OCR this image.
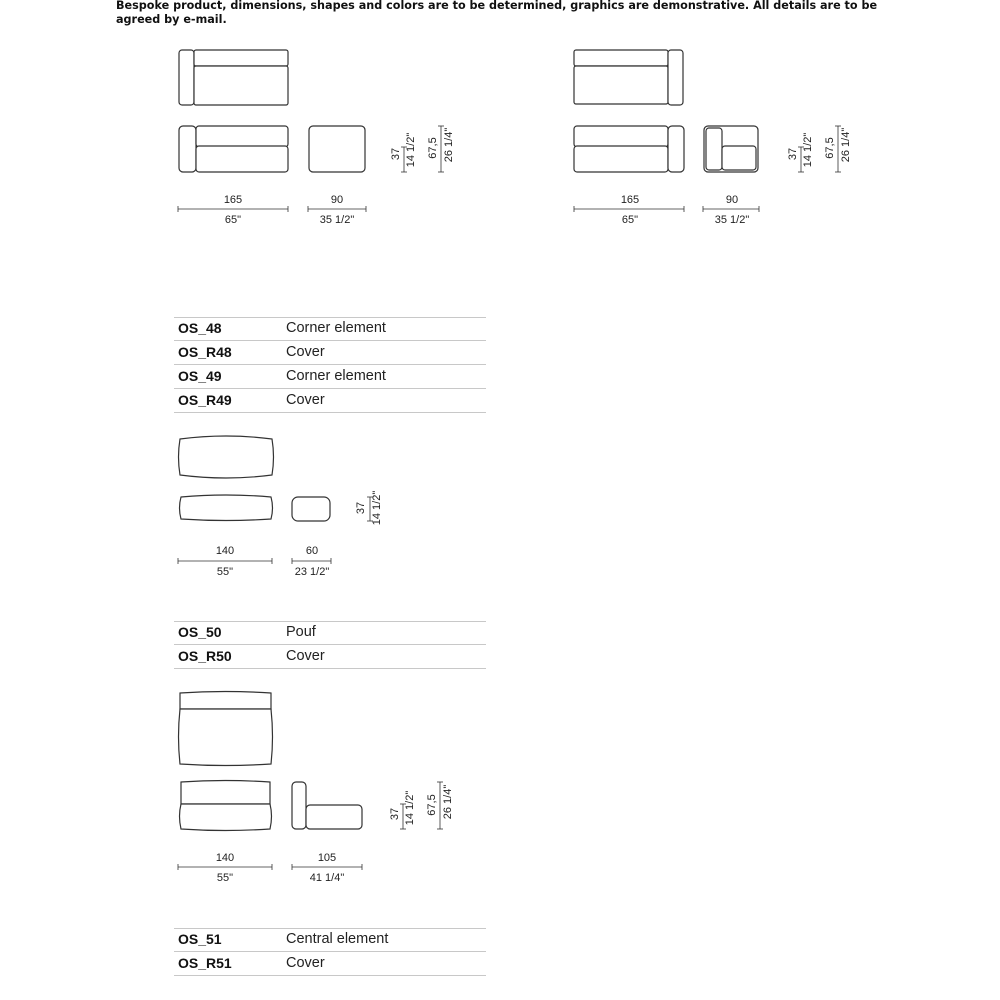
Bespoke product, dimensions, shapes and colors are to be determined, graphics are demonstrative. All details are to be agreed by e-mail.

165
65"
90
35 1/2"
165
65"
90
35 1/2"
140
55"
60
23 1/2"
140
55"
105
41 1/4"
37 14 1/2" 67,5 26 1/4"	37 14 1/2" 67,5 26 1/4"
37 14 1/2"
37 14 1/2" 67,5 26 1/4"
OS_48	Corner element
OS_R48	Cover
OS_49	Corner element
OS_R49	Cover
OS_50	Pouf
OS_R50	Cover
OS_51	Central element
OS_R51	Cover
